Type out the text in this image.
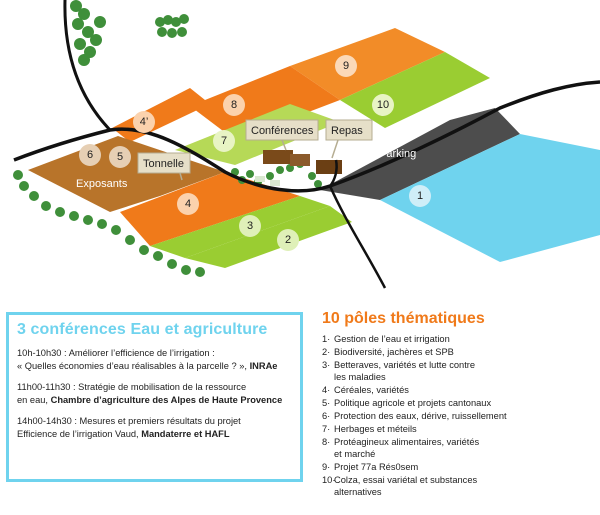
1
2
3
4
4’
5
6
7
8
9
10
Conférences Repas
Tonnelle
Exposants
Parking
3 conférences Eau et agriculture
10h-10h30 : Améliorer l’efficience de l’irrigation :
« Quelles économies d’eau réalisables à la parcelle ? », INRAe
11h00-11h30 : Stratégie de mobilisation de la ressource
en eau, Chambre d’agriculture des Alpes de Haute Provence
14h00-14h30 : Mesures et premiers résultats du projet
Efficience de l’irrigation Vaud, Mandaterre et HAFL
10 pôles thématiques
1· Gestion de l’eau et irrigation
2· Biodiversité, jachères et SPB
3· Betteraves, variétés et lutte contre
les maladies
4· Céréales, variétés
5· Politique agricole et projets cantonaux
6· Protection des eaux, dérive, ruissellement
7· Herbages et méteils
8· Protéagineux alimentaires, variétés
et marché
9· Projet 77a Rés0sem
10·
Colza, essai variétal et substances
alternatives
